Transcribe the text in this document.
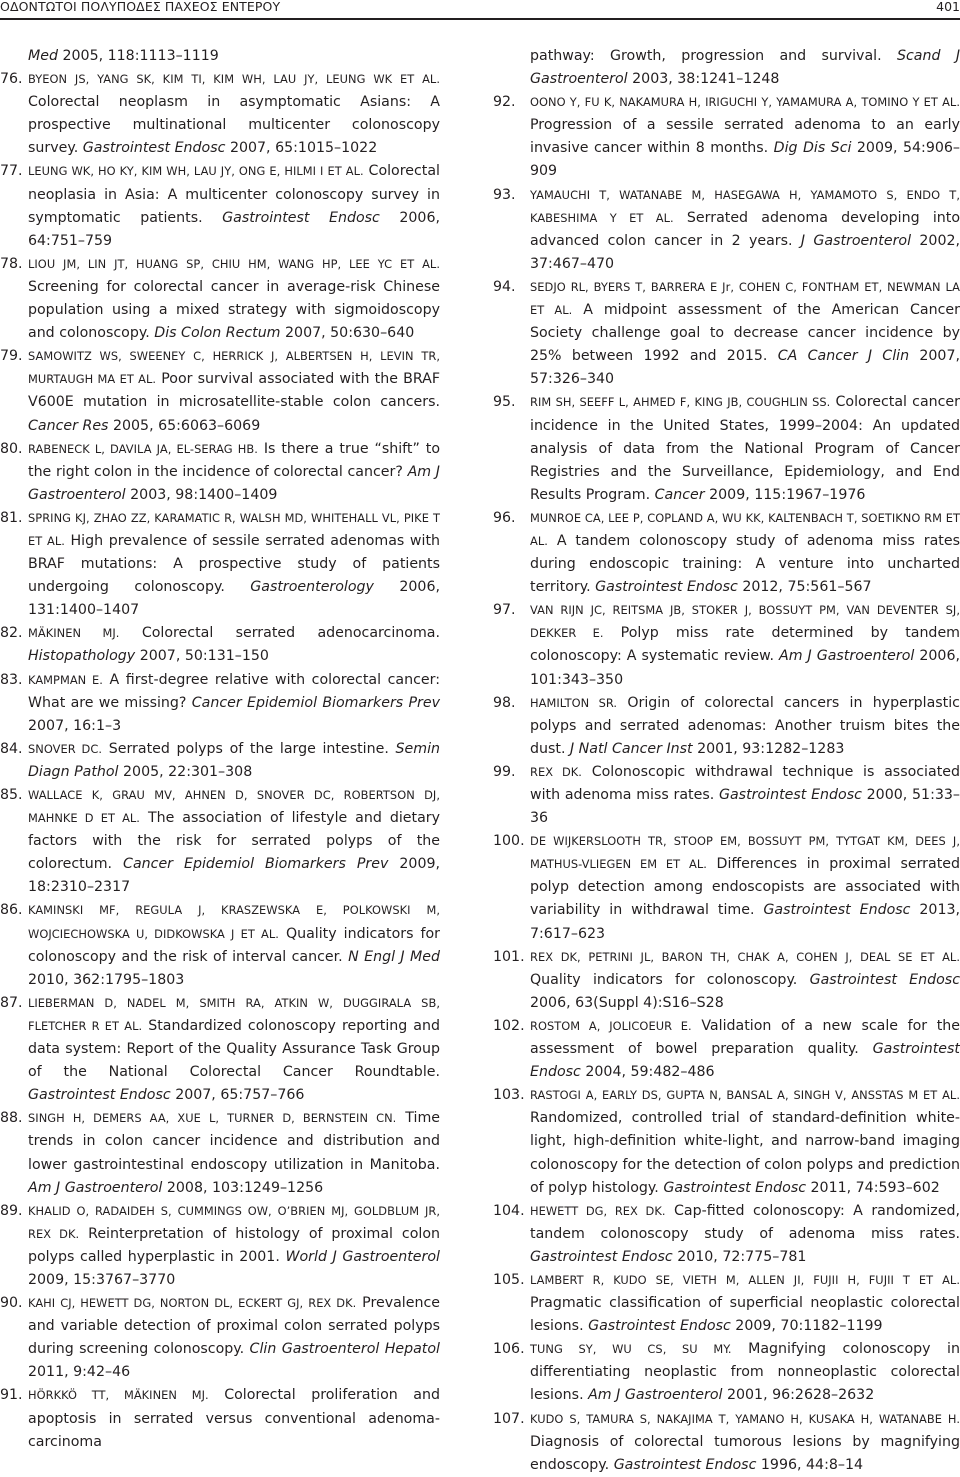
ΟΔΟΝΤΩΤΟΙ ΠΟΛΥΠΟΔΕΣ ΠΑΧΕΟΣ ΕΝΤΕΡΟΥ	401
Med 2005, 118:1113–1119
76. BYEON JS, YANG SK, KIM TI, KIM WH, LAU JY, LEUNG WK ET AL. Colorectal neoplasm in asymptomatic Asians: A prospective multinational multicenter colonoscopy survey. Gastrointest Endosc 2007, 65:1015–1022
77. LEUNG WK, HO KY, KIM WH, LAU JY, ONG E, HILMI I ET AL. Colorectal neoplasia in Asia: A multicenter colonoscopy survey in symptomatic patients. Gastrointest Endosc 2006, 64:751–759
78. LIOU JM, LIN JT, HUANG SP, CHIU HM, WANG HP, LEE YC ET AL. Screening for colorectal cancer in average-risk Chinese population using a mixed strategy with sigmoidoscopy and colonoscopy. Dis Colon Rectum 2007, 50:630–640
79. SAMOWITZ WS, SWEENEY C, HERRICK J, ALBERTSEN H, LEVIN TR, MURTAUGH MA ET AL. Poor survival associated with the BRAF V600E mutation in microsatellite-stable colon cancers. Cancer Res 2005, 65:6063–6069
80. RABENECK L, DAVILA JA, EL-SERAG HB. Is there a true “shift” to the right colon in the incidence of colorectal cancer? Am J Gastroenterol 2003, 98:1400–1409
81. SPRING KJ, ZHAO ZZ, KARAMATIC R, WALSH MD, WHITEHALL VL, PIKE T ET AL. High prevalence of sessile serrated adenomas with BRAF mutations: A prospective study of patients undergoing colonoscopy. Gastroenterology 2006, 131:1400–1407
82. MÄKINEN MJ. Colorectal serrated adenocarcinoma. Histopathology 2007, 50:131–150
83. KAMPMAN E. A first-degree relative with colorectal cancer: What are we missing? Cancer Epidemiol Biomarkers Prev 2007, 16:1–3
84. SNOVER DC. Serrated polyps of the large intestine. Semin Diagn Pathol 2005, 22:301–308
85. WALLACE K, GRAU MV, AHNEN D, SNOVER DC, ROBERTSON DJ, MAHNKE D ET AL. The association of lifestyle and dietary factors with the risk for serrated polyps of the colorectum. Cancer Epidemiol Biomarkers Prev 2009, 18:2310–2317
86. KAMINSKI MF, REGULA J, KRASZEWSKA E, POLKOWSKI M, WOJCIECHOWSKA U, DIDKOWSKA J ET AL. Quality indicators for colonoscopy and the risk of interval cancer. N Engl J Med 2010, 362:1795–1803
87. LIEBERMAN D, NADEL M, SMITH RA, ATKIN W, DUGGIRALA SB, FLETCHER R ET AL. Standardized colonoscopy reporting and data system: Report of the Quality Assurance Task Group of the National Colorectal Cancer Roundtable. Gastrointest Endosc 2007, 65:757–766
88. SINGH H, DEMERS AA, XUE L, TURNER D, BERNSTEIN CN. Time trends in colon cancer incidence and distribution and lower gastrointestinal endoscopy utilization in Manitoba. Am J Gastroenterol 2008, 103:1249–1256
89. KHALID O, RADAIDEH S, CUMMINGS OW, O’BRIEN MJ, GOLDBLUM JR, REX DK. Reinterpretation of histology of proximal colon polyps called hyperplastic in 2001. World J Gastroenterol 2009, 15:3767–3770
90. KAHI CJ, HEWETT DG, NORTON DL, ECKERT GJ, REX DK. Prevalence and variable detection of proximal colon serrated polyps during screening colonoscopy. Clin Gastroenterol Hepatol 2011, 9:42–46
91. HÖRKKÖ TT, MÄKINEN MJ. Colorectal proliferation and apoptosis in serrated versus conventional adenoma-carcinoma
pathway: Growth, progression and survival. Scand J Gastroenterol 2003, 38:1241–1248
92. OONO Y, FU K, NAKAMURA H, IRIGUCHI Y, YAMAMURA A, TOMINO Y ET AL. Progression of a sessile serrated adenoma to an early invasive cancer within 8 months. Dig Dis Sci 2009, 54:906–909
93. YAMAUCHI T, WATANABE M, HASEGAWA H, YAMAMOTO S, ENDO T, KABESHIMA Y ET AL. Serrated adenoma developing into advanced colon cancer in 2 years. J Gastroenterol 2002, 37:467–470
94. SEDJO RL, BYERS T, BARRERA E Jr, COHEN C, FONTHAM ET, NEWMAN LA ET AL. A midpoint assessment of the American Cancer Society challenge goal to decrease cancer incidence by 25% between 1992 and 2015. CA Cancer J Clin 2007, 57:326–340
95. RIM SH, SEEFF L, AHMED F, KING JB, COUGHLIN SS. Colorectal cancer incidence in the United States, 1999–2004: An updated analysis of data from the National Program of Cancer Registries and the Surveillance, Epidemiology, and End Results Program. Cancer 2009, 115:1967–1976
96. MUNROE CA, LEE P, COPLAND A, WU KK, KALTENBACH T, SOETIKNO RM ET AL. A tandem colonoscopy study of adenoma miss rates during endoscopic training: A venture into uncharted territory. Gastrointest Endosc 2012, 75:561–567
97. VAN RIJN JC, REITSMA JB, STOKER J, BOSSUYT PM, VAN DEVENTER SJ, DEKKER E. Polyp miss rate determined by tandem colonoscopy: A systematic review. Am J Gastroenterol 2006, 101:343–350
98. HAMILTON SR. Origin of colorectal cancers in hyperplastic polyps and serrated adenomas: Another truism bites the dust. J Natl Cancer Inst 2001, 93:1282–1283
99. REX DK. Colonoscopic withdrawal technique is associated with adenoma miss rates. Gastrointest Endosc 2000, 51:33–36
100. DE WIJKERSLOOTH TR, STOOP EM, BOSSUYT PM, TYTGAT KM, DEES J, MATHUS-VLIEGEN EM ET AL. Differences in proximal serrated polyp detection among endoscopists are associated with variability in withdrawal time. Gastrointest Endosc 2013, 7:617–623
101. REX DK, PETRINI JL, BARON TH, CHAK A, COHEN J, DEAL SE ET AL. Quality indicators for colonoscopy. Gastrointest Endosc 2006, 63(Suppl 4):S16–S28
102. ROSTOM A, JOLICOEUR E. Validation of a new scale for the assessment of bowel preparation quality. Gastrointest Endosc 2004, 59:482–486
103. RASTOGI A, EARLY DS, GUPTA N, BANSAL A, SINGH V, ANSSTAS M ET AL. Randomized, controlled trial of standard-definition white-light, high-definition white-light, and narrow-band imaging colonoscopy for the detection of colon polyps and prediction of polyp histology. Gastrointest Endosc 2011, 74:593–602
104. HEWETT DG, REX DK. Cap-fitted colonoscopy: A randomized, tandem colonoscopy study of adenoma miss rates. Gastrointest Endosc 2010, 72:775–781
105. LAMBERT R, KUDO SE, VIETH M, ALLEN JI, FUJII H, FUJII T ET AL. Pragmatic classification of superficial neoplastic colorectal lesions. Gastrointest Endosc 2009, 70:1182–1199
106. TUNG SY, WU CS, SU MY. Magnifying colonoscopy in differentiating neoplastic from nonneoplastic colorectal lesions. Am J Gastroenterol 2001, 96:2628–2632
107. KUDO S, TAMURA S, NAKAJIMA T, YAMANO H, KUSAKA H, WATANABE H. Diagnosis of colorectal tumorous lesions by magnifying endoscopy. Gastrointest Endosc 1996, 44:8–14
